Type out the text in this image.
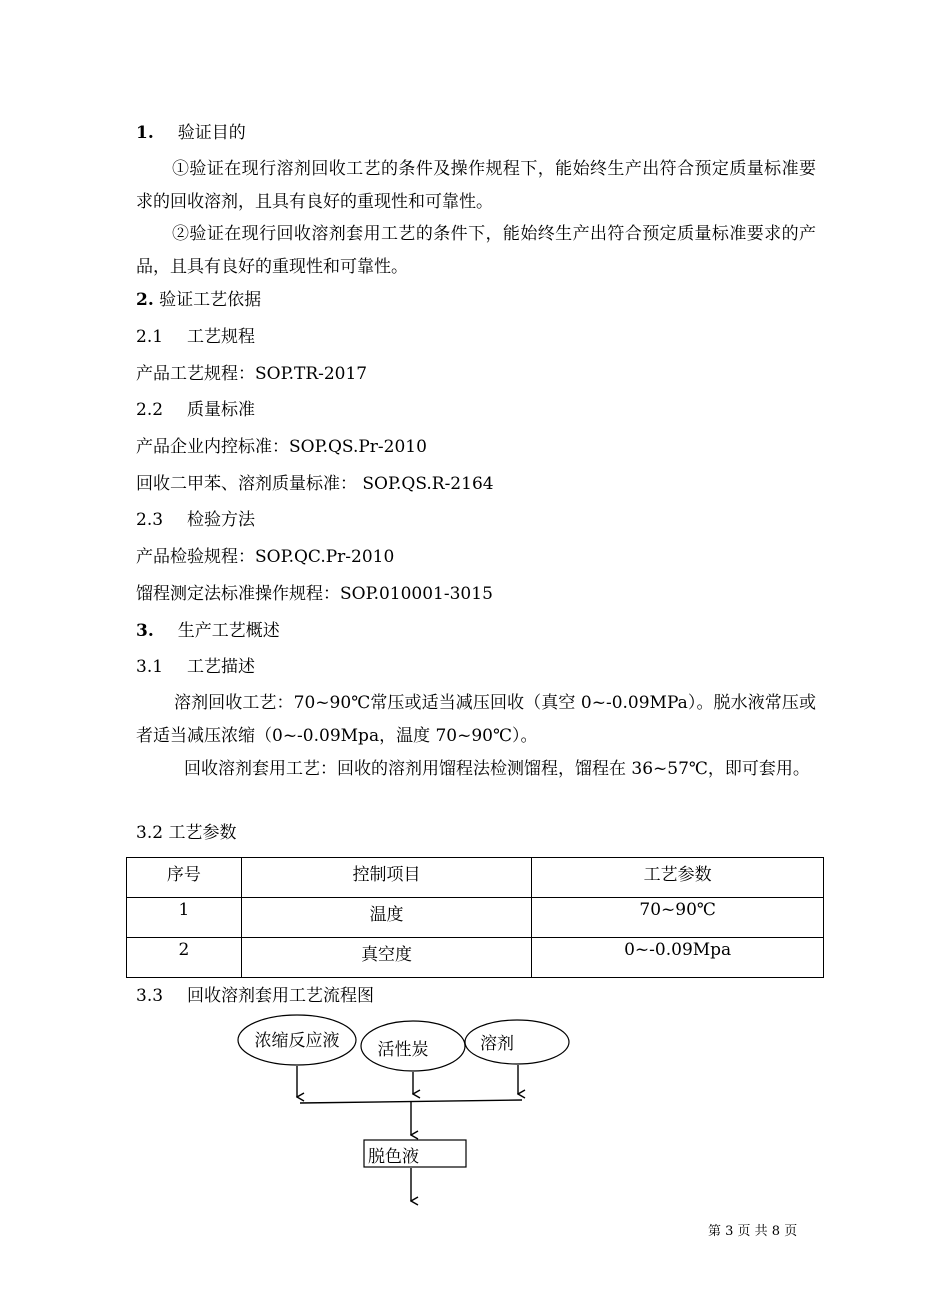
1. 验证目的
①验证在现行溶剂回收工艺的条件及操作规程下，能始终生产出符合预定质量标准要求的回收溶剂，且具有良好的重现性和可靠性。
②验证在现行回收溶剂套用工艺的条件下，能始终生产出符合预定质量标准要求的产品，且具有良好的重现性和可靠性。
2. 验证工艺依据
2.1 工艺规程
产品工艺规程：SOP.TR-2017
2.2 质量标准
产品企业内控标准：SOP.QS.Pr-2010
回收二甲苯、溶剂质量标准： SOP.QS.R-2164
2.3 检验方法
产品检验规程：SOP.QC.Pr-2010
馏程测定法标准操作规程：SOP.010001-3015
3. 生产工艺概述
3.1 工艺描述
溶剂回收工艺：70~90℃常压或适当减压回收（真空 0~-0.09MPa）。脱水液常压或者适当减压浓缩（0~-0.09Mpa，温度 70~90℃）。
回收溶剂套用工艺：回收的溶剂用馏程法检测馏程，馏程在 36~57℃，即可套用。
3.2 工艺参数
序号	控制项目	工艺参数
1	温度	70~90℃
2	真空度	0~-0.09Mpa
3.3 回收溶剂套用工艺流程图
浓缩反应液 活性炭	溶剂
脱色液
第 3 页 共 8 页
